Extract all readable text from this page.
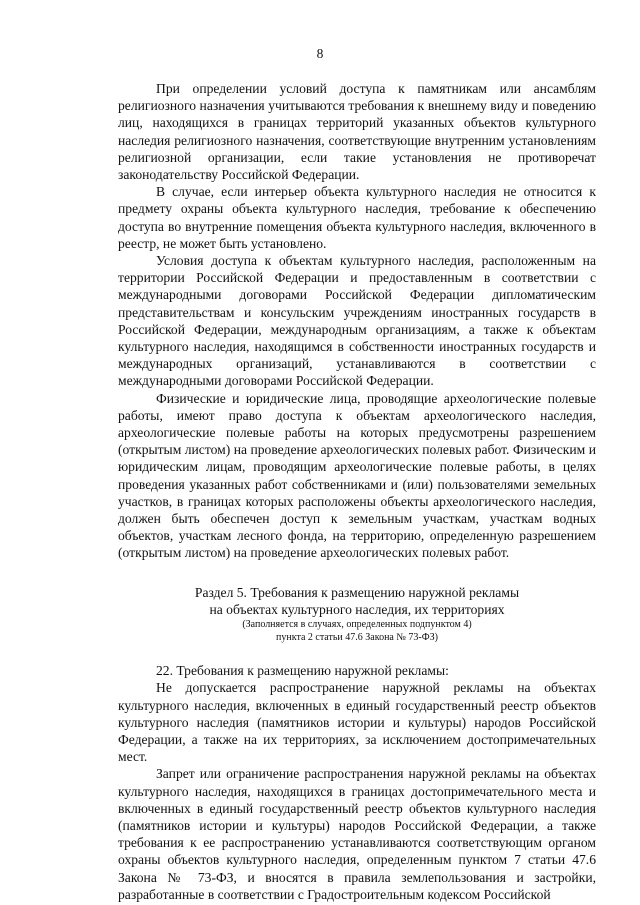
8

При определении условий доступа к памятникам или ансамблям религиозного назначения учитываются требования к внешнему виду и поведению лиц, находящихся в границах территорий указанных объектов культурного наследия религиозного назначения, соответствующие внутренним установлениям религиозной организации, если такие установления не противоречат законодательству Российской Федерации.

В случае, если интерьер объекта культурного наследия не относится к предмету охраны объекта культурного наследия, требование к обеспечению доступа во внутренние помещения объекта культурного наследия, включенного в реестр, не может быть установлено.

Условия доступа к объектам культурного наследия, расположенным на территории Российской Федерации и предоставленным в соответствии с международными договорами Российской Федерации дипломатическим представительствам и консульским учреждениям иностранных государств в Российской Федерации, международным организациям, а также к объектам культурного наследия, находящимся в собственности иностранных государств и международных организаций, устанавливаются в соответствии с международными договорами Российской Федерации.

Физические и юридические лица, проводящие археологические полевые работы, имеют право доступа к объектам археологического наследия, археологические полевые работы на которых предусмотрены разрешением (открытым листом) на проведение археологических полевых работ. Физическим и юридическим лицам, проводящим археологические полевые работы, в целях проведения указанных работ собственниками и (или) пользователями земельных участков, в границах которых расположены объекты археологического наследия, должен быть обеспечен доступ к земельным участкам, участкам водных объектов, участкам лесного фонда, на территорию, определенную разрешением (открытым листом) на проведение археологических полевых работ.

Раздел 5. Требования к размещению наружной рекламы
на объектах культурного наследия, их территориях
(Заполняется в случаях, определенных подпунктом 4)
пункта 2 статьи 47.6 Закона № 73-ФЗ)

22. Требования к размещению наружной рекламы:

Не допускается распространение наружной рекламы на объектах культурного наследия, включенных в единый государственный реестр объектов культурного наследия (памятников истории и культуры) народов Российской Федерации, а также на их территориях, за исключением достопримечательных мест.

Запрет или ограничение распространения наружной рекламы на объектах культурного наследия, находящихся в границах достопримечательного места и включенных в единый государственный реестр объектов культурного наследия (памятников истории и культуры) народов Российской Федерации, а также требования к ее распространению устанавливаются соответствующим органом охраны объектов культурного наследия, определенным пунктом 7 статьи 47.6 Закона № 73-ФЗ, и вносятся в правила землепользования и застройки, разработанные в соответствии с Градостроительным кодексом Российской
